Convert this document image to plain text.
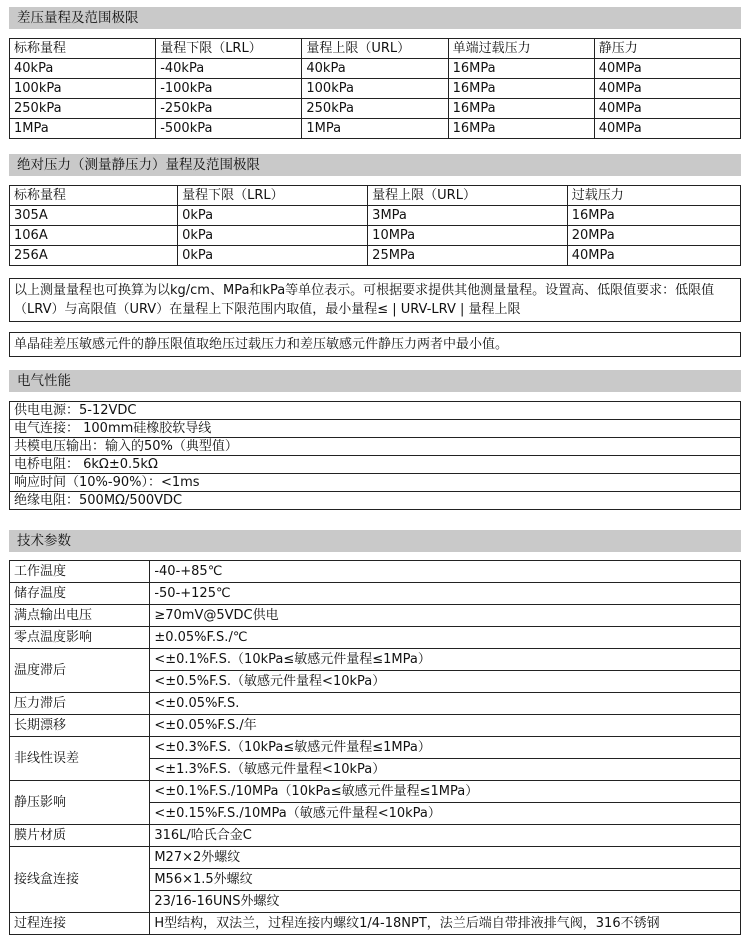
差压量程及范围极限
标称量程	量程下限（LRL）	量程上限（URL）	单端过载压力	静压力
40kPa	-40kPa	40kPa	16MPa	40MPa
100kPa	-100kPa	100kPa	16MPa	40MPa
250kPa	-250kPa	250kPa	16MPa	40MPa
1MPa	-500kPa	1MPa	16MPa	40MPa
绝对压力（测量静压力）量程及范围极限
标称量程	量程下限（LRL）	量程上限（URL）	过载压力
305A	0kPa	3MPa	16MPa
106A	0kPa	10MPa	20MPa
256A	0kPa	25MPa	40MPa
以上测量量程也可换算为以kg/cm、MPa和kPa等单位表示。可根据要求提供其他测量量程。设置高、低限值要求：低限值（LRV）与高限值（URV）在量程上下限范围内取值，最小量程≤ | URV-LRV | 量程上限
单晶硅差压敏感元件的静压限值取绝压过载压力和差压敏感元件静压力两者中最小值。
电气性能
供电电源：5-12VDC
电气连接： 100mm硅橡胶软导线
共模电压输出：输入的50%（典型值）
电桥电阻： 6kΩ±0.5kΩ
响应时间（10%-90%）：<1ms
绝缘电阻：500MΩ/500VDC
技术参数
工作温度	-40-+85℃
储存温度	-50-+125℃
满点输出电压	≥70mV@5VDC供电
零点温度影响	±0.05%F.S./℃
温度滞后	<±0.1%F.S.（10kPa≤敏感元件量程≤1MPa）
	<±0.5%F.S.（敏感元件量程<10kPa）
压力滞后	<±0.05%F.S.
长期漂移	<±0.05%F.S./年
非线性误差	<±0.3%F.S.（10kPa≤敏感元件量程≤1MPa）
	<±1.3%F.S.（敏感元件量程<10kPa）
静压影响	<±0.1%F.S./10MPa（10kPa≤敏感元件量程≤1MPa）
	<±0.15%F.S./10MPa（敏感元件量程<10kPa）
膜片材质	316L/哈氏合金C
接线盒连接	M27×2外螺纹
	M56×1.5外螺纹
	23/16-16UNS外螺纹
过程连接	H型结构，双法兰，过程连接内螺纹1/4-18NPT，法兰后端自带排液排气阀，316不锈钢
